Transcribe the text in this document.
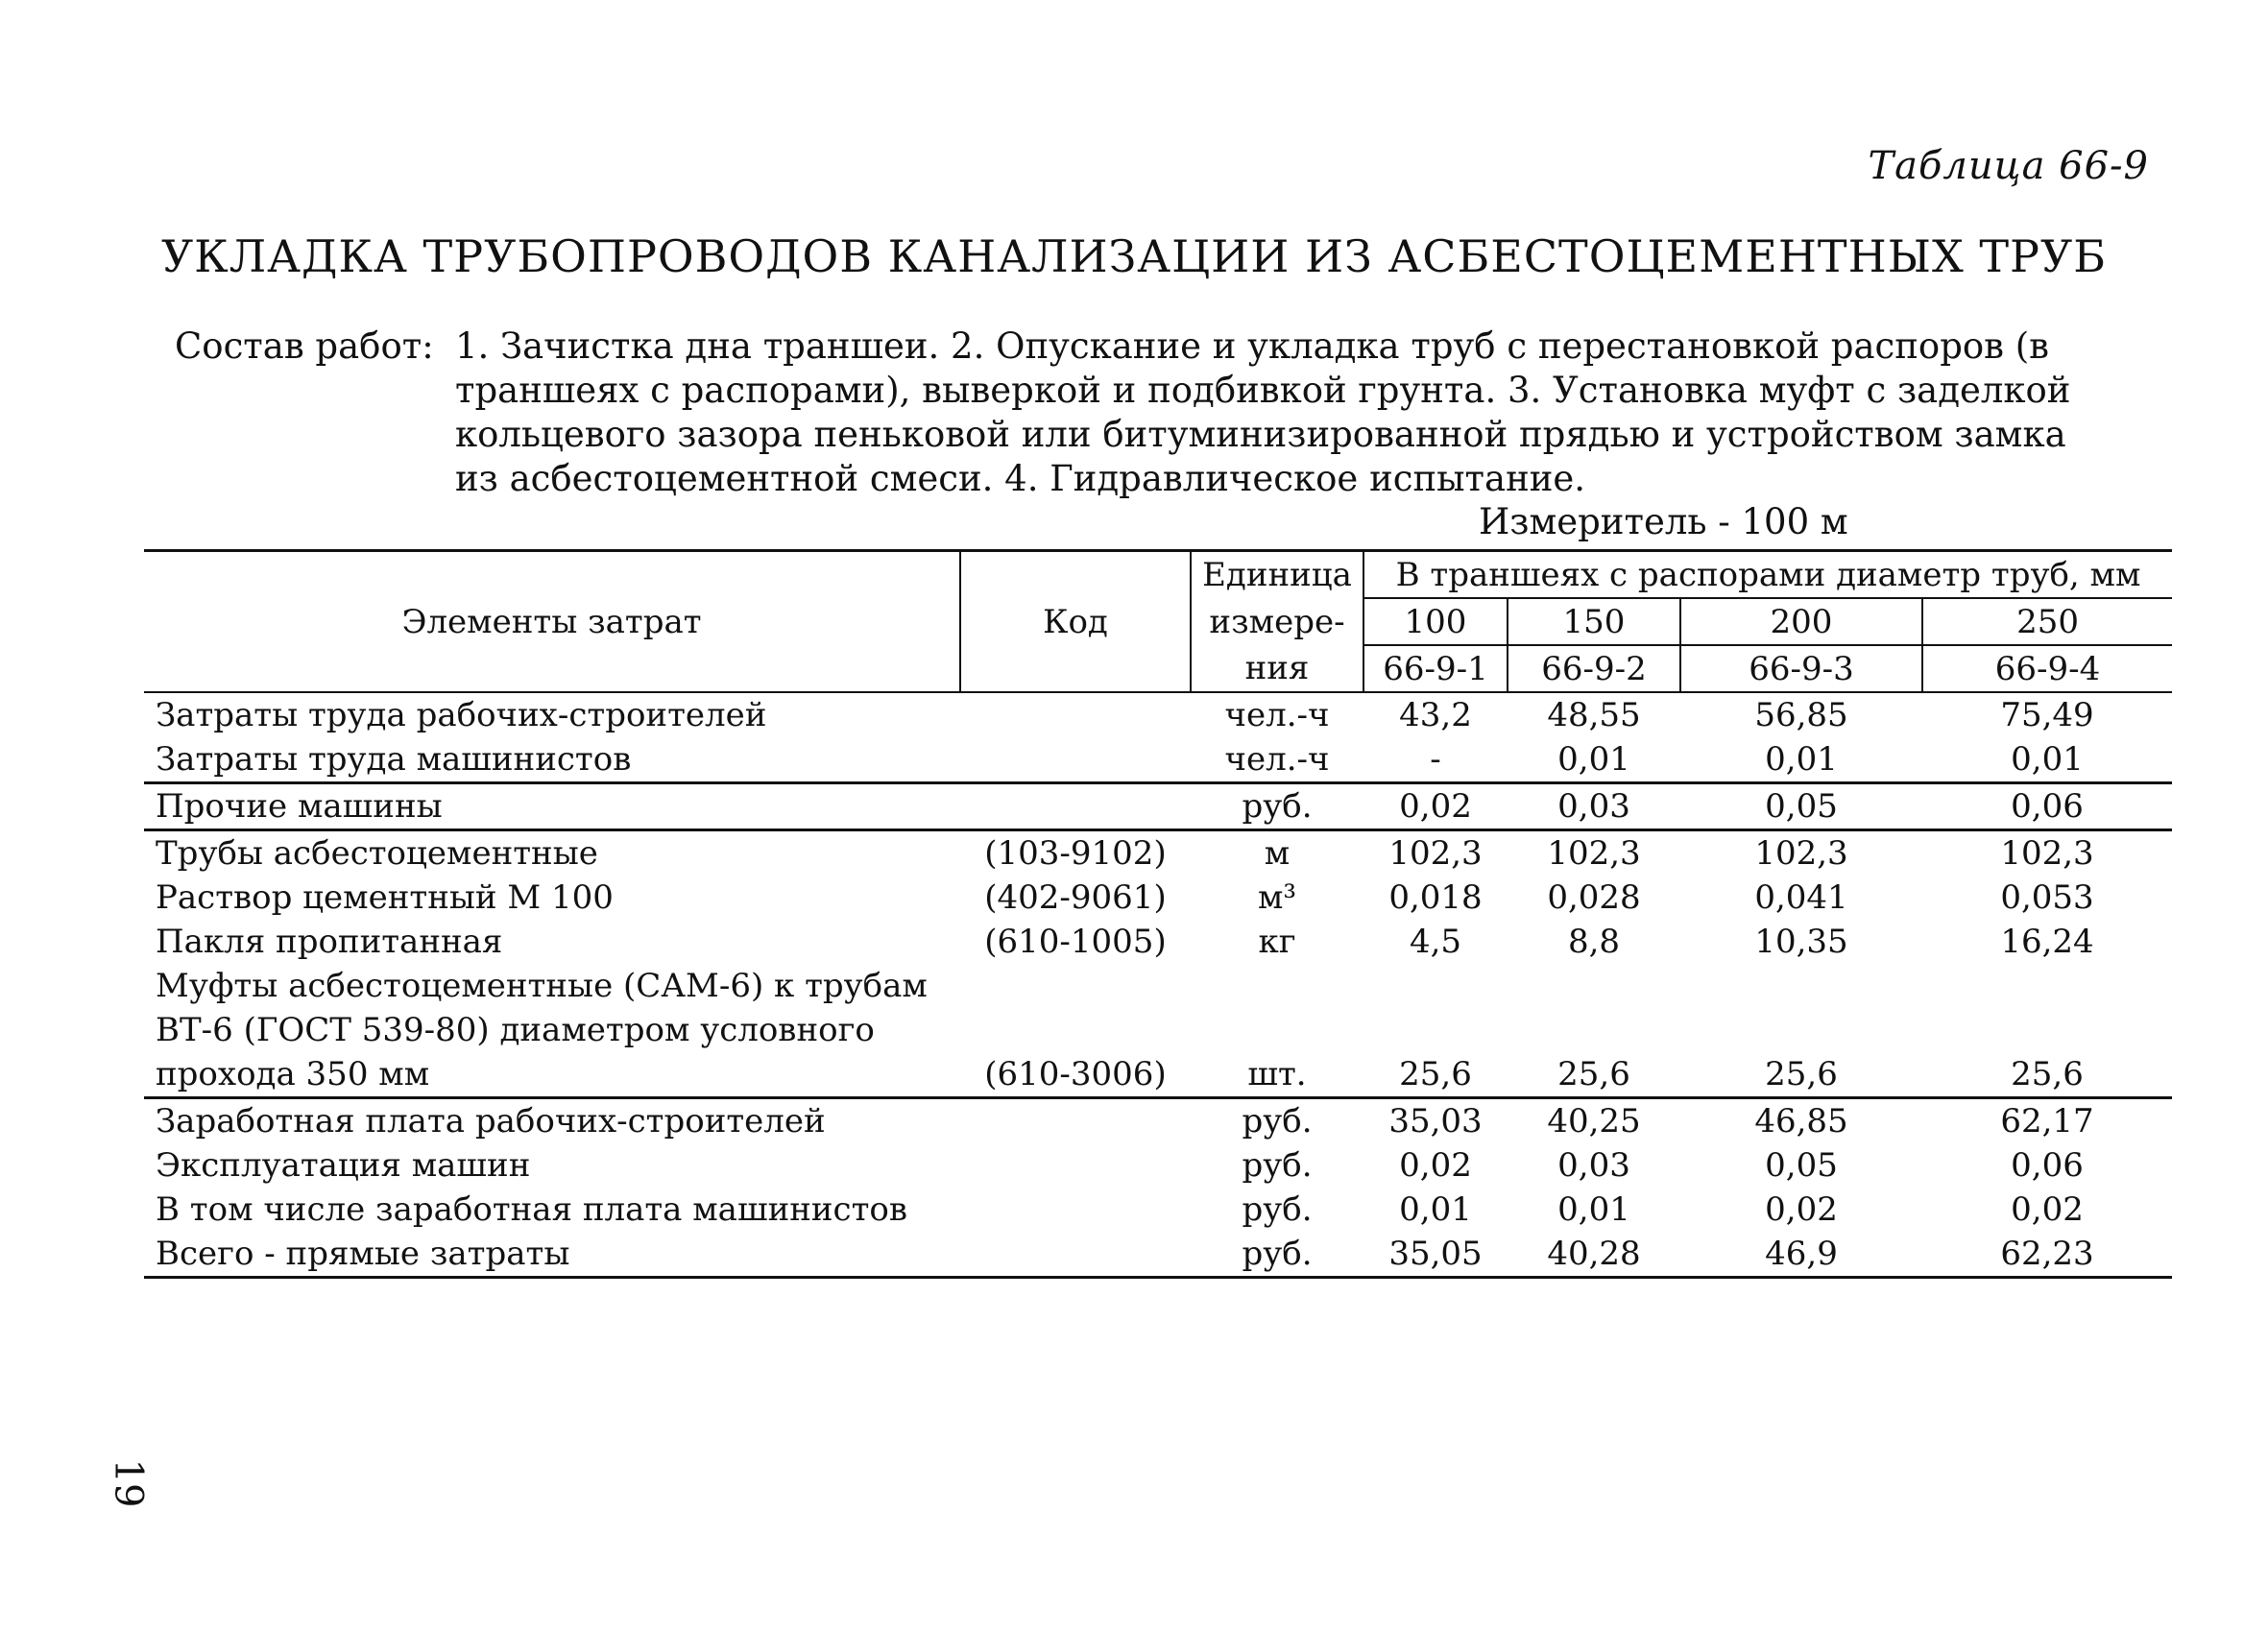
Таблица 66-9
УКЛАДКА ТРУБОПРОВОДОВ КАНАЛИЗАЦИИ ИЗ АСБЕСТОЦЕМЕНТНЫХ ТРУБ
Состав работ: 1. Зачистка дна траншеи. 2. Опускание и укладка труб с перестановкой распоров (в
траншеях с распорами), выверкой и подбивкой грунта. 3. Установка муфт с заделкой
кольцевого зазора пеньковой или битуминизированной прядью и устройством замка
из асбестоцементной смеси. 4. Гидравлическое испытание.
Измеритель - 100 м
Элементы затрат	Код	Единица	В траншеях с распорами диаметр труб, мм			
		измере-	100	150	200	250
		ния	66-9-1	66-9-2	66-9-3	66-9-4
Затраты труда рабочих-строителей		чел.-ч	43,2	48,55	56,85	75,49
Затраты труда машинистов		чел.-ч	-	0,01	0,01	0,01
Прочие машины		руб.	0,02	0,03	0,05	0,06
Трубы асбестоцементные	(103-9102)	м	102,3	102,3	102,3	102,3
Раствор цементный М 100	(402-9061)	м³	0,018	0,028	0,041	0,053
Пакля пропитанная	(610-1005)	кг	4,5	8,8	10,35	16,24
Муфты асбестоцементные (САМ-6) к трубам						
ВТ-6 (ГОСТ 539-80) диаметром условного						
прохода 350 мм	(610-3006)	шт.	25,6	25,6	25,6	25,6
Заработная плата рабочих-строителей		руб.	35,03	40,25	46,85	62,17
Эксплуатация машин		руб.	0,02	0,03	0,05	0,06
В том числе заработная плата машинистов		руб.	0,01	0,01	0,02	0,02
Всего - прямые затраты		руб.	35,05	40,28	46,9	62,23
19
